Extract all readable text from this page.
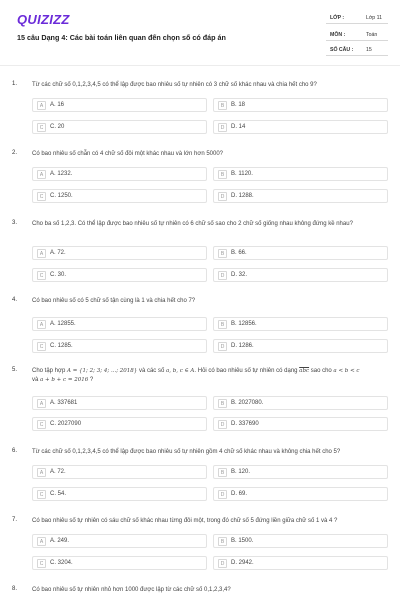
QUIZIZZ
15 câu Dạng 4: Các bài toán liên quan đến chọn số có đáp án
LỚP :	Lớp 11
MÔN :	Toán
SỐ CÂU : 15
1. Từ các chữ số 0,1,2,3,4,5 có thể lập được bao nhiêu số tự nhiên có 3 chữ số khác nhau và chia hết cho 9?
A	A. 16	B	B. 18
C	C. 20	D	D. 14
2. Có bao nhiêu số chẵn có 4 chữ số đôi một khác nhau và lớn hơn 5000?
A	A. 1232.	B	B. 1120.
C	C. 1250.	D	D. 1288.
3. Cho ba số 1,2,3. Có thể lập được bao nhiêu số tự nhiên có 6 chữ số sao cho 2 chữ số giống nhau không đứng kề nhau?
A	A. 72.	B	B. 66.
C	C. 30.	D	D. 32.
4. Có bao nhiêu số có 5 chữ số tận cùng là 1 và chia hết cho 7?
A	A. 12855.	B	B. 12856.
C	C. 1285.	D	D. 1286.
5. Cho tập hợp A = {1; 2; 3; 4; ...; 2018} và các số a, b, c ∈ A. Hỏi có bao nhiêu số tự nhiên có dạng $\overline{abc}$ sao cho a < b < c
và a + b + c = 2016 ?
A	A. 337681	B	B. 2027080.
C	C. 2027090	D	D. 337690
6. Từ các chữ số 0,1,2,3,4,5 có thể lập được bao nhiêu số tự nhiên gồm 4 chữ số khác nhau và không chia hết cho 5?
A	A. 72.	B	B. 120.
C	C. 54.	D	D. 69.
7. Có bao nhiêu số tự nhiên có sáu chữ số khác nhau từng đôi một, trong đó chữ số 5 đứng liền giữa chữ số 1 và 4 ?
A	A. 249.	B	B. 1500.
C	C. 3204.	D	D. 2942.
8. Có bao nhiêu số tự nhiên nhỏ hơn 1000 được lập từ các chữ số 0,1,2,3,4?
